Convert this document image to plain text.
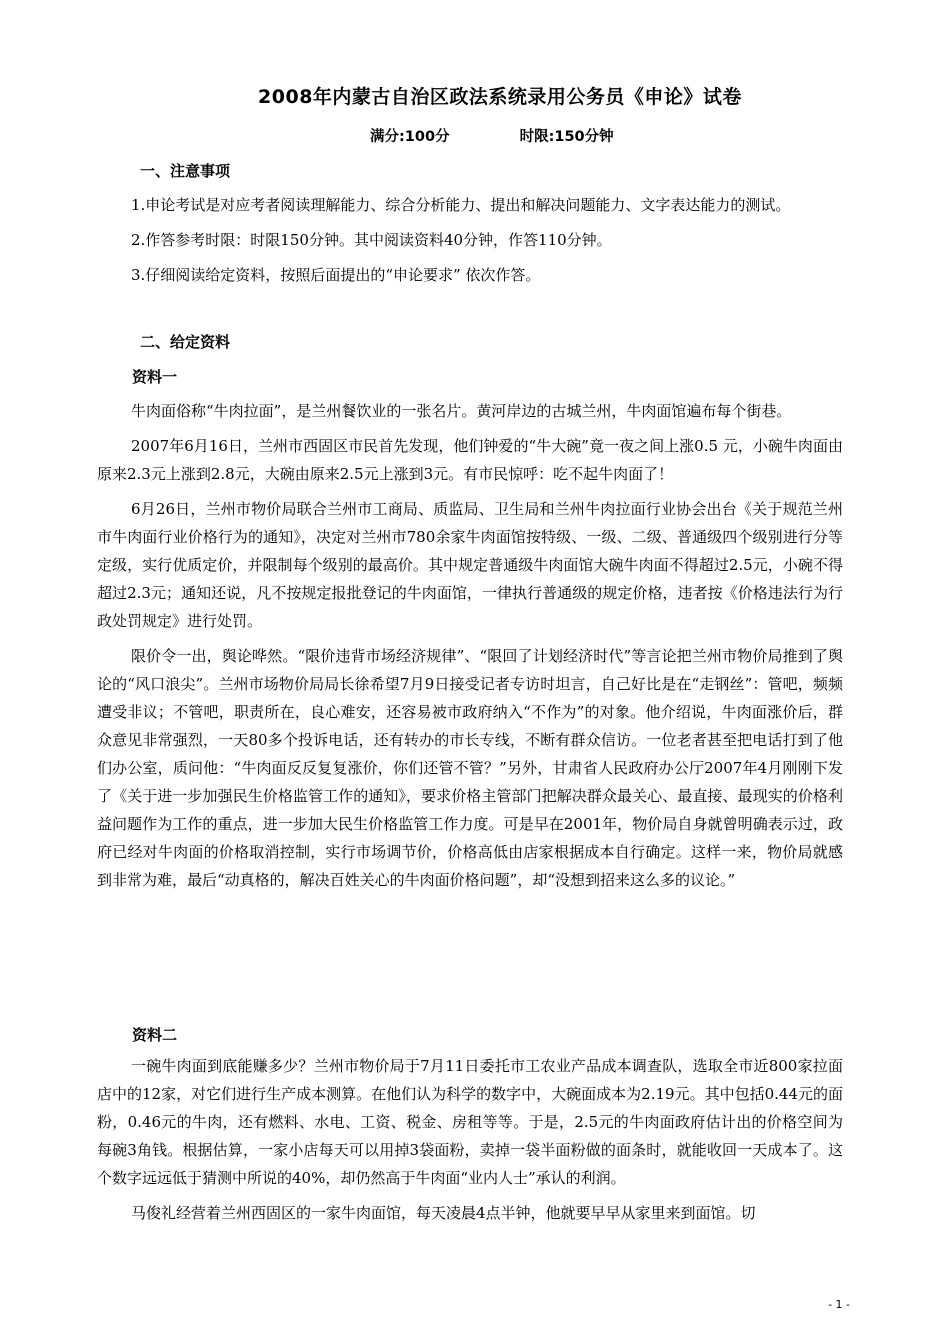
2008年内蒙古自治区政法系统录用公务员《申论》试卷
满分:100分	时限:150分钟
一、注意事项

1.申论考试是对应考者阅读理解能力、综合分析能力、提出和解决问题能力、文字表达能力的测试。

2.作答参考时限：时限150分钟。其中阅读资料40分钟，作答110分钟。

3.仔细阅读给定资料，按照后面提出的“申论要求” 依次作答。

二、给定资料
资料一

牛肉面俗称“牛肉拉面”，是兰州餐饮业的一张名片。黄河岸边的古城兰州，牛肉面馆遍布每个街巷。

2007年6月16日，兰州市西固区市民首先发现，他们钟爱的“牛大碗”竟一夜之间上涨0.5 元，小碗牛肉面由原来2.3元上涨到2.8元，大碗由原来2.5元上涨到3元。有市民惊呼：吃不起牛肉面了！

6月26日，兰州市物价局联合兰州市工商局、质监局、卫生局和兰州牛肉拉面行业协会出台《关于规范兰州市牛肉面行业价格行为的通知》，决定对兰州市780余家牛肉面馆按特级、一级、二级、普通级四个级别进行分等定级，实行优质定价，并限制每个级别的最高价。其中规定普通级牛肉面馆大碗牛肉面不得超过2.5元，小碗不得超过2.3元；通知还说，凡不按规定报批登记的牛肉面馆，一律执行普通级的规定价格，违者按《价格违法行为行政处罚规定》进行处罚。

限价令一出，舆论哗然。“限价违背市场经济规律”、“限回了计划经济时代”等言论把兰州市物价局推到了舆论的“风口浪尖”。兰州市场物价局局长徐希望7月9日接受记者专访时坦言，自己好比是在“走钢丝”：管吧，频频遭受非议；不管吧，职责所在，良心难安，还容易被市政府纳入“不作为”的对象。他介绍说，牛肉面涨价后，群众意见非常强烈，一天80多个投诉电话，还有转办的市长专线，不断有群众信访。一位老者甚至把电话打到了他们办公室，质问他：“牛肉面反反复复涨价，你们还管不管？”另外，甘肃省人民政府办公厅2007年4月刚刚下发了《关于进一步加强民生价格监管工作的通知》，要求价格主管部门把解决群众最关心、最直接、最现实的价格利益问题作为工作的重点，进一步加大民生价格监管工作力度。可是早在2001年，物价局自身就曾明确表示过，政府已经对牛肉面的价格取消控制，实行市场调节价，价格高低由店家根据成本自行确定。这样一来，物价局就感到非常为难，最后“动真格的，解决百姓关心的牛肉面价格问题”，却“没想到招来这么多的议论。”

资料二

一碗牛肉面到底能赚多少？兰州市物价局于7月11日委托市工农业产品成本调查队，选取全市近800家拉面店中的12家，对它们进行生产成本测算。在他们认为科学的数字中，大碗面成本为2.19元。其中包括0.44元的面粉，0.46元的牛肉，还有燃料、水电、工资、税金、房租等等。于是，2.5元的牛肉面政府估计出的价格空间为每碗3角钱。根据估算，一家小店每天可以用掉3袋面粉，卖掉一袋半面粉做的面条时，就能收回一天成本了。这个数字远远低于猜测中所说的40%，却仍然高于牛肉面“业内人士”承认的利润。

马俊礼经营着兰州西固区的一家牛肉面馆，每天凌晨4点半钟，他就要早早从家里来到面馆。切

- 1 -
